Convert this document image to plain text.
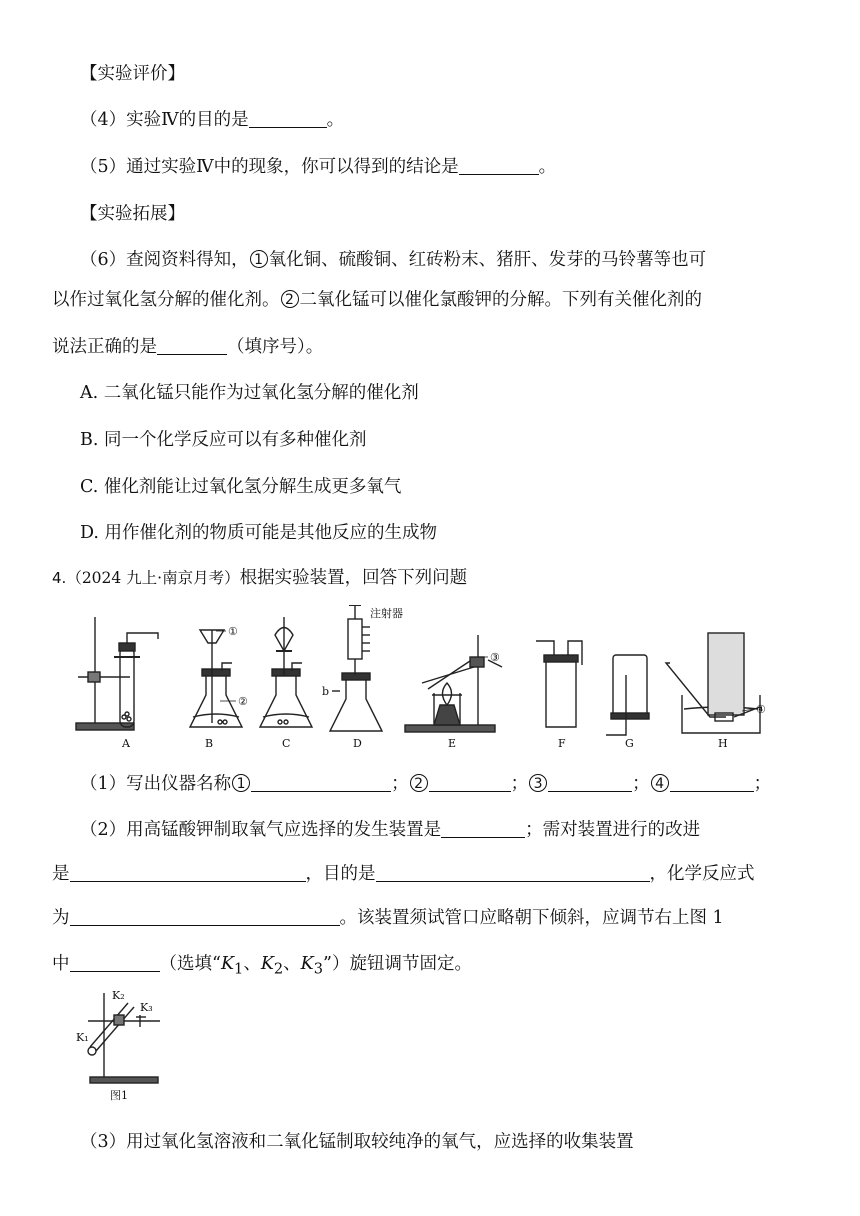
【实验评价】
（4）实验Ⅳ的目的是	。
（5）通过实验Ⅳ中的现象，你可以得到的结论是	。
【实验拓展】
（6）查阅资料得知， 1 氧化铜、硫酸铜、红砖粉末、猪肝、发芽的马铃薯等也可
以作过氧化氢分解的催化剂。 2 二氧化锰可以催化氯酸钾的分解。下列有关催化剂的
说法正确的是	（填序号）。
A. 二氧化锰只能作为过氧化氢分解的催化剂
B. 同一个化学反应可以有多种催化剂
C. 催化剂能让过氧化氢分解生成更多氧气
D. 用作催化剂的物质可能是其他反应的生成物
4.（2024 九上·南京月考）根据实验装置，回答下列问题
A	B	C	D	E	F	G	H
注射器
b
①
②
③
④
（1）写出仪器名称 1	； 2	； 3	； 4	；
（2）用高锰酸钾制取氧气应选择的发生装置是	；需对装置进行的改进
是	，目的是	，化学反应式
为	。该装置须试管口应略朝下倾斜，应调节右上图 1
中	（选填“$K_1$、$K_2$、$K_3$”）旋钮调节固定。
K₁
K₂
K₃
图1
（3）用过氧化氢溶液和二氧化锰制取较纯净的氧气，应选择的收集装置
